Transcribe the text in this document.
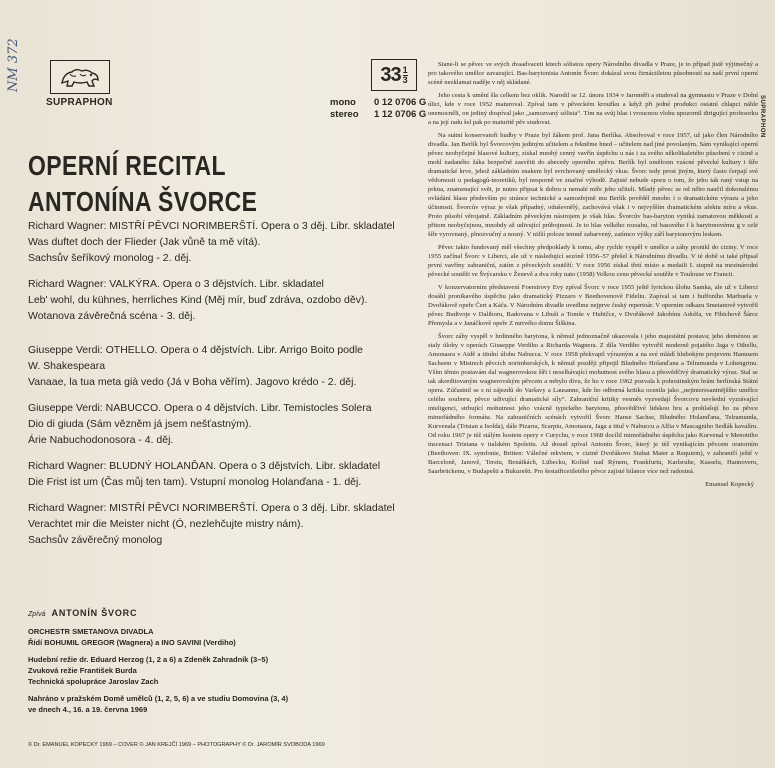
NM 372
SUPRAPHON
$33 \frac{1}{3}$
mono	0 12 0706 G
stereo	1 12 0706 G
OPERNÍ RECITAL
ANTONÍNA ŠVORCE

Richard Wagner: MISTŘÍ PĚVCI NORIMBERŠTÍ. Opera o 3 děj. Libr. skladatel

Was duftet doch der Flieder (Jak vůně ta mě vítá).

Sachsův šeříkový monolog - 2. děj.

Richard Wagner: VALKÝRA. Opera o 3 dějstvích. Libr. skladatel

Leb' wohl, du kühnes, herrliches Kind (Měj mír, buď zdráva, ozdobo děv).

Wotanova závěrečná scéna - 3. děj.

Giuseppe Verdi: OTHELLO. Opera o 4 dějstvích. Libr. Arrigo Boito podle

W. Shakespeara

Vanaae, la tua meta già vedo (Já v Boha věřím). Jagovo krédo - 2. děj.

Giuseppe Verdi: NABUCCO. Opera o 4 dějstvích. Libr. Temistocles Solera

Dio di giuda (Sám vězněm já jsem nešťastným).

Árie Nabuchodonosora - 4. děj.

Richard Wagner: BLUDNÝ HOLANĎAN. Opera o 3 dějstvích. Libr. skladatel

Die Frist ist um (Čas můj ten tam). Vstupní monolog Holanďana - 1. děj.

Richard Wagner: MISTŘÍ PĚVCI NORIMBERŠTÍ. Opera o 3 děj. Libr. skladatel

Verachtet mir die Meister nicht (Ó, nezlehčujte mistry nám).

Sachsův závěrečný monolog

Zpívá ANTONÍN ŠVORC

ORCHESTR SMETANOVA DIVADLA

Řídí BOHUMIL GREGOR (Wagnera) a INO SAVINI (Verdiho)

Hudební režie dr. Eduard Herzog (1, 2 a 6) a Zdeněk Zahradník (3–5)

Zvuková režie František Burda

Technická spolupráce Jaroslav Zach

Nahráno v pražském Domě umělců (1, 2, 5, 6) a ve studiu Domovina (3, 4)

ve dnech 4., 16. a 19. června 1969

© Dr. EMANUEL KOPECKÝ 1969 – COVER © JAN KREJČÍ 1969 – PHOTOGRAPHY © Dr. JAROMÍR SVOBODA 1969

Stane-li se pěvec ve svých dvaadvaceti letech sólistou opery Národního divadla v Praze, je to případ jistě výjimečný a pro takového umělce zavazující. Bas-barytonista Antonín Švorc dokázal svou čtrnáctiletou působností na naší první operní scéně nezklamat naděje v něj skládané.

Jeho cesta k umění šla celkem bez oklik. Narodil se 12. února 1934 v Jaroměři a studoval na gymnasiu v Praze v Dolní úlici, kde v roce 1952 maturoval. Zpíval tam v pěveckém kroužku a když při jedné produkci ostatní chlapci náhle onemocněli, on jediný dospíval jako „samozvaný sólista“. Tím na svůj hlas i vroucnou vlohu upozornil dirigující profesorku a na její radu šel pak po maturitě pěv studovat.

Na státní konservatoři hudby v Praze byl žákem prof. Jana Berlíka. Absolvoval v roce 1957, už jako člen Národního divadla. Jan Berlík byl Švorcovým jediným učitelem a řekněme hned – učitelem nad jiné povolaným. Sám vynikající operní pěvec neobyčejné hlasové kultury, získal mnohý cenný vavřín úspěchu u nás i za svého několikaletého působení v cizině a mohl nadaného žáka bezpečně zasvětit do abecedy operního zpěvu. Berlík byl umělcem vzácné pěvecké kultury i šíře dramatické krve, jehož základním znakem byl svrchovaný umělecký vkus. Švorc tedy prost jiným, který často čerpají své vědomosti u pedagogů-teoretiků, byl nesporně ve značné výhodě. Zajisté nebude sporu o tom, že jeho tak raný vstup na prkna, znamenající svět, je nutno připsat k dobru u nemalé míře jeho učiteli. Mladý pěvec se od něho naučil dokonalému ovládání hlasu především po stránce technické a samozřejmě mu Berlík povědél mnoho i o dramatickém výrazu a jeho účinnosti. Švorcův výraz je však případný, oduševnělý, zachovává však i v nejvyšším dramatickém afektu míru a vkus. Proto působí věrojatně. Základním pěveckým nástrojem je však hlas. Švorcův bas-baryton vyniká zamatovou měkkostí a přitom neobyčejnou, mnohdy až udivující průbojností. Je to hlas velkého rozsahu, od basového f k barytonovému g v celé šíře vyrovnaný, plnozvučný a nosný. V nižší poloze temně zabarvený, zatímco výšky září barytonovým leskem.

Pěvec takto fundovaný měl všechny předpoklady k tomu, aby rychle vyspěl v umělce a záhy pronikl do ciziny. V roce 1955 začínal Švorc v Liberci, ale už v následující sezóně 1956–57 přešel k Národnímu divadlu. V té době si také připsal první vavříny zahraniční, zatím z pěveckých soutěží: V roce 1956 získal třetí místo a medaili I. stupně na mezinárodní pěvecké soutěži ve Švýcarsku v Ženevě a dva roky nato (1958) Velkou cenu pěvecké soutěže v Toulouse ve Francii.

V konzervatorním představení Foerstrovy Evy zpíval Švorc v roce 1955 ještě lyrickou úlohu Samka, ale už v Liberci dosáhl pronikavého úspěchu jako dramatický Pizzaro v Beethovenově Fideliu. Zapíval si tam i buffoního Marbuela v Dvořákově opeře Čert a Káča. V Národním divadle uvedlme nejprve český repertoár. V operním odkazu Smetanově vytvořil pěvec Budivoje v Daliboru, Radovana v Libuši a Tomše v Hubičce, v Dvořákově Jakobínu Adolfa, ve Fibichově Šárce Přemysla a v Janáčkově opeře Z mrtvého domu Šiškina.

Švorc záhy vyspěl v hrdinného barytona, k němuž jednoznačně ukazovala i jeho majestátní postava; jeho doménou se staly úlohy v operách Giuseppe Verdiho a Richarda Wagnera. Z díla Verdiho vytvořil moderně pojatého Jaga v Othellu, Amonasra v Aidě a titulní úlohu Nabucca. V roce 1958 překvapil výrazným a na své mládí hlubokým projevem Hanusem Sachsem v Mistrech pěvcích norimberských, k němuž později připojil Bludného Holanďana a Telramunda v Lohengrinu. Vším těmto postavám dal wagnerovskou šíři i neselhávající mohutnost svého hlasu a přesvědčivý dramatický výraz. Stal se tak akreditovaným wagnerovským pěvcem a nebylo divu, že ho v roce 1962 pozvala k pohostinským hrám berlínská Státní opera. Zúčastnil se s ní zájezdů do Varšavy a Lausanne, kde ho odborná kritika ocenila jako „nejinteresantnějšího umělce celého souboru, pěvce udivující dramatické síly“. Zahraniční kritiky vesměs vyzvedají Švorcovu nevšední vyzrávající inteligenci, strhující mohutnost jeho vzácně typického barytonu, přesvědčivé lidskou hru a prohlašují ho za pěvce mimořádného formátu. Na zahraničních scénách vytvořil Švorc Hanse Sachse, Bludného Holanďana, Telramunda, Kurvenala (Tristan a Isolda), dále Pizarra, Scarpiu, Amonasra, Jaga a titul v Nabuccu a Alfia v Mascagniho Sedlák kavalíru. Od roku 1967 je též stálým hostem opery v Curychu, v roce 1968 docílil mimořádného úspěchu jako Kurvenal v Menottiho inscenaci Tristana v italském Spolettu. Až dosud zpíval Antonín Švorc, který je též vynikajícím pěvcem oratorním (Beethoven: IX. symfonie, Britten: Válečné rekviem, v cizině Dvořákovo Stabat Mater a Requiem), v zahraničí ještě v Barceloně, Janově, Terstu, Benátkách, Lübecku, Kolíně nad Rýnem, Frankfurtu, Karlsruhe, Kasselu, Hannoveru, Saarbrückenu, v Budapešti a Bukurešti. Pro šestatřicetiletého pěvce zajisté bilance více než radostná.

Emanuel Kopecký

SUPRAPHON
